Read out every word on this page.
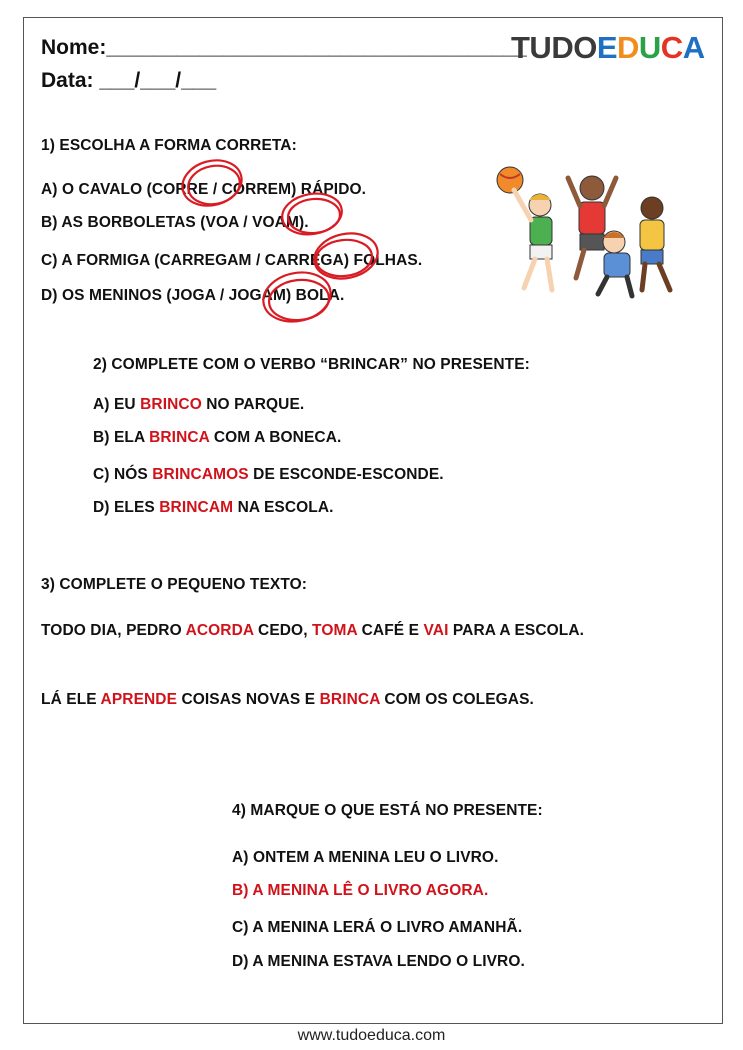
Nome:____________________________________
Data: ___/___/___
TUDOEDUCA
1) ESCOLHA A FORMA CORRETA:
A) O CAVALO (CORRE / CORREM) RÁPIDO.
B) AS BORBOLETAS (VOA / VOAM).
C) A FORMIGA (CARREGAM / CARREGA) FOLHAS.
D) OS MENINOS (JOGA / JOGAM) BOLA.
2) COMPLETE COM O VERBO “BRINCAR” NO PRESENTE:
A) EU BRINCO NO PARQUE.
B) ELA BRINCA COM A BONECA.
C) NÓS BRINCAMOS DE ESCONDE-ESCONDE.
D) ELES BRINCAM NA ESCOLA.
3) COMPLETE O PEQUENO TEXTO:
TODO DIA, PEDRO ACORDA CEDO, TOMA CAFÉ E VAI PARA A ESCOLA.
LÁ ELE APRENDE COISAS NOVAS E BRINCA COM OS COLEGAS.
4) MARQUE O QUE ESTÁ NO PRESENTE:
A) ONTEM A MENINA LEU O LIVRO.
B) A MENINA LÊ O LIVRO AGORA.
C) A MENINA LERÁ O LIVRO AMANHÃ.
D) A MENINA ESTAVA LENDO O LIVRO.
www.tudoeduca.com
